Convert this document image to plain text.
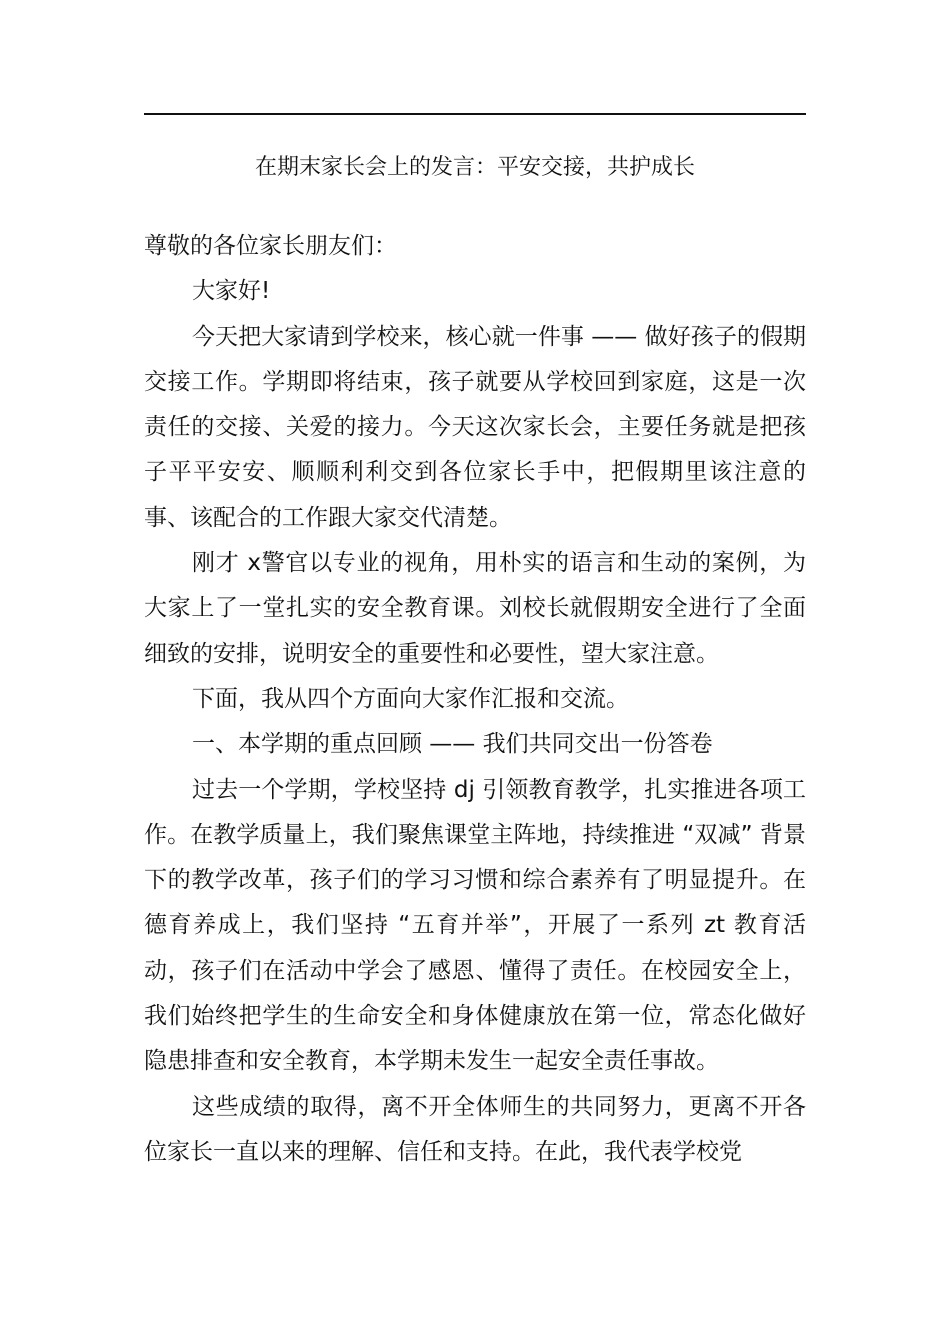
在期末家长会上的发言：平安交接，共护成长

尊敬的各位家长朋友们：

大家好!

今天把大家请到学校来，核心就一件事 —— 做好孩子的假期交接工作。学期即将结束，孩子就要从学校回到家庭，这是一次责任的交接、关爱的接力。今天这次家长会，主要任务就是把孩子平平安安、顺顺利利交到各位家长手中，把假期里该注意的事、该配合的工作跟大家交代清楚。

刚才 x警官以专业的视角，用朴实的语言和生动的案例，为大家上了一堂扎实的安全教育课。刘校长就假期安全进行了全面细致的安排，说明安全的重要性和必要性，望大家注意。

下面，我从四个方面向大家作汇报和交流。

一、本学期的重点回顾 —— 我们共同交出一份答卷

过去一个学期，学校坚持 dj 引领教育教学，扎实推进各项工作。在教学质量上，我们聚焦课堂主阵地，持续推进 “双减” 背景下的教学改革，孩子们的学习习惯和综合素养有了明显提升。在德育养成上，我们坚持 “五育并举”，开展了一系列 zt 教育活动，孩子们在活动中学会了感恩、懂得了责任。在校园安全上，我们始终把学生的生命安全和身体健康放在第一位，常态化做好隐患排查和安全教育，本学期未发生一起安全责任事故。

这些成绩的取得，离不开全体师生的共同努力，更离不开各位家长一直以来的理解、信任和支持。在此，我代表学校党
